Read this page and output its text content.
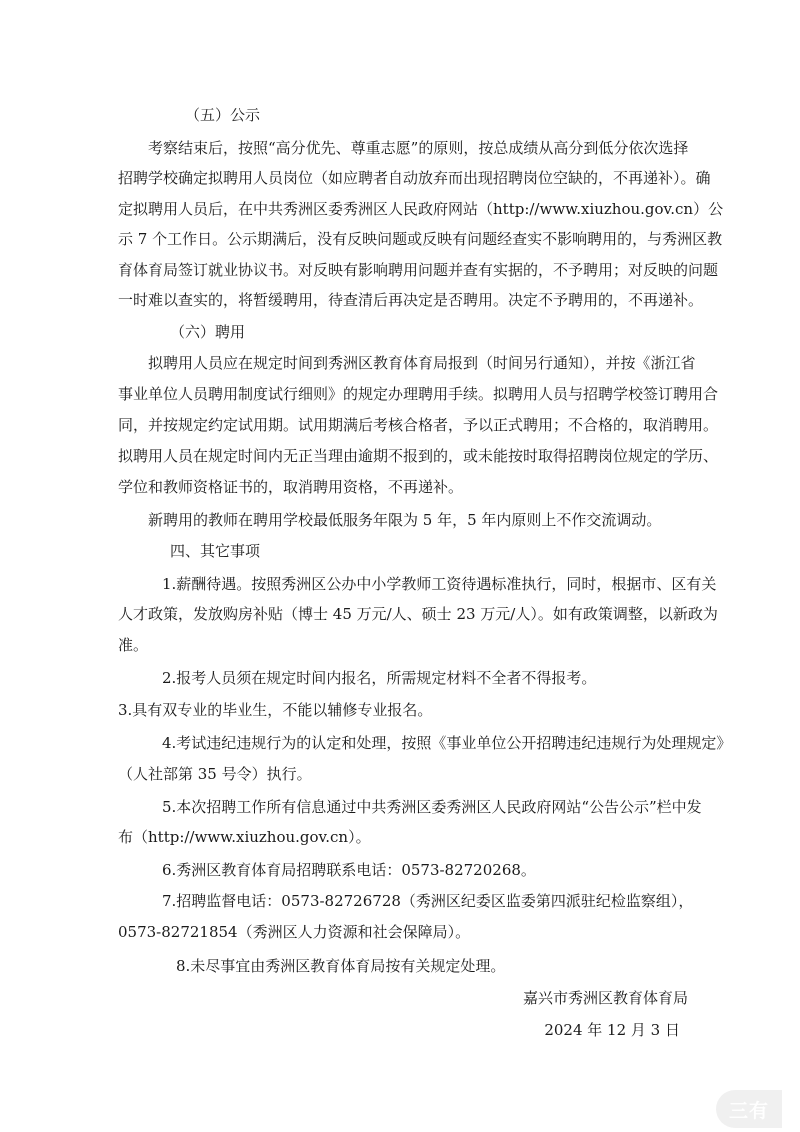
（五）公示
考察结束后，按照“高分优先、尊重志愿”的原则，按总成绩从高分到低分依次选择
招聘学校确定拟聘用人员岗位（如应聘者自动放弃而出现招聘岗位空缺的，不再递补）。确
定拟聘用人员后，在中共秀洲区委秀洲区人民政府网站（http://www.xiuzhou.gov.cn）公
示 7 个工作日。公示期满后，没有反映问题或反映有问题经查实不影响聘用的，与秀洲区教
育体育局签订就业协议书。对反映有影响聘用问题并查有实据的，不予聘用；对反映的问题
一时难以查实的，将暂缓聘用，待查清后再决定是否聘用。决定不予聘用的，不再递补。
（六）聘用
拟聘用人员应在规定时间到秀洲区教育体育局报到（时间另行通知），并按《浙江省
事业单位人员聘用制度试行细则》的规定办理聘用手续。拟聘用人员与招聘学校签订聘用合
同，并按规定约定试用期。试用期满后考核合格者，予以正式聘用；不合格的，取消聘用。
拟聘用人员在规定时间内无正当理由逾期不报到的，或未能按时取得招聘岗位规定的学历、
学位和教师资格证书的，取消聘用资格，不再递补。
新聘用的教师在聘用学校最低服务年限为 5 年，5 年内原则上不作交流调动。
四、其它事项
1.薪酬待遇。按照秀洲区公办中小学教师工资待遇标准执行，同时，根据市、区有关
人才政策，发放购房补贴（博士 45 万元/人、硕士 23 万元/人）。如有政策调整，以新政为
准。
2.报考人员须在规定时间内报名，所需规定材料不全者不得报考。
3.具有双专业的毕业生，不能以辅修专业报名。
4.考试违纪违规行为的认定和处理，按照《事业单位公开招聘违纪违规行为处理规定》
（人社部第 35 号令）执行。
5.本次招聘工作所有信息通过中共秀洲区委秀洲区人民政府网站“公告公示”栏中发
布（http://www.xiuzhou.gov.cn）。
6.秀洲区教育体育局招聘联系电话：0573-82720268。
7.招聘监督电话：0573-82726728（秀洲区纪委区监委第四派驻纪检监察组），
0573-82721854（秀洲区人力资源和社会保障局）。
8.未尽事宜由秀洲区教育体育局按有关规定处理。
嘉兴市秀洲区教育体育局
2024 年 12 月 3 日
三有
